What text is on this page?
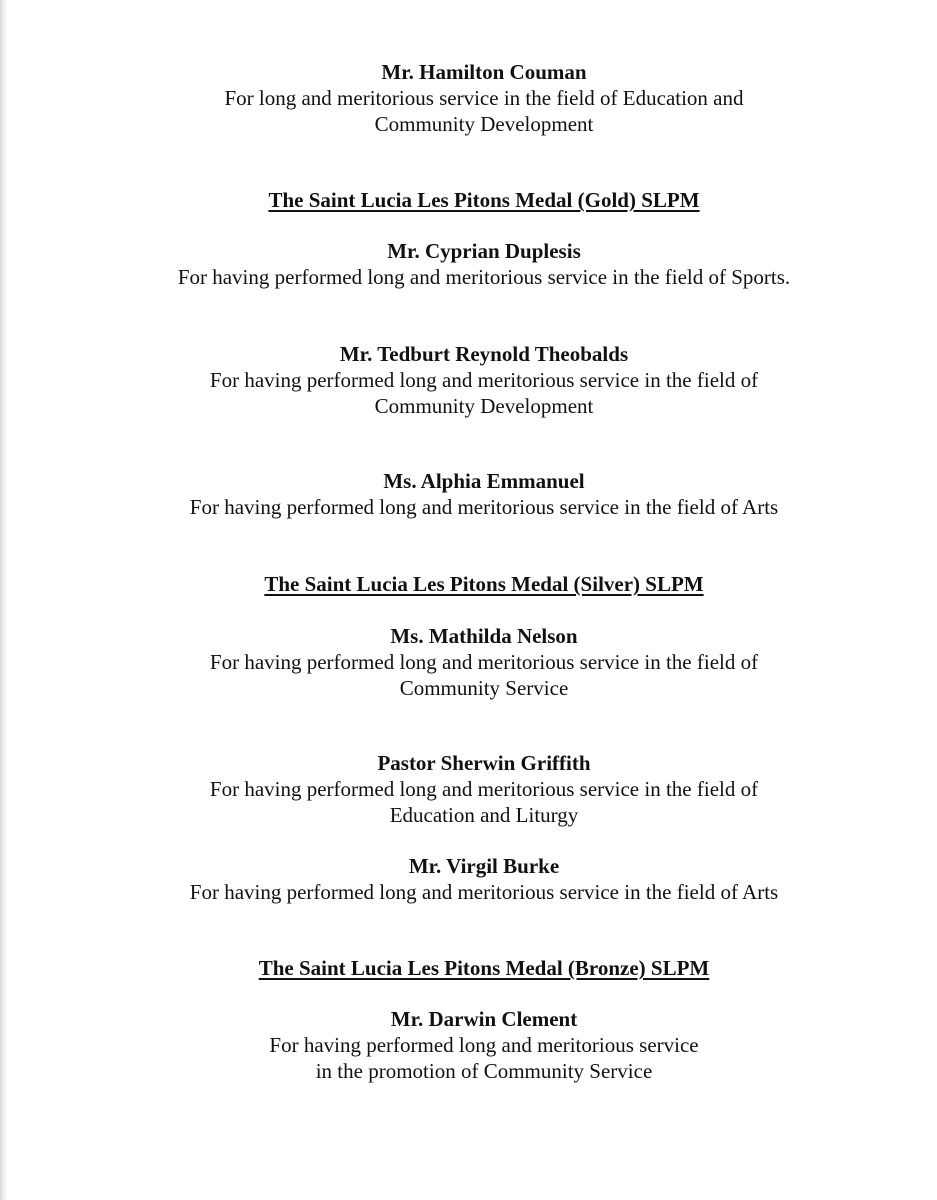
Mr. Hamilton Couman

For long and meritorious service in the field of Education and
Community Development

The Saint Lucia Les Pitons Medal (Gold) SLPM

Mr. Cyprian Duplesis

For having performed long and meritorious service in the field of Sports.

Mr. Tedburt Reynold Theobalds

For having performed long and meritorious service in the field of
Community Development

Ms. Alphia Emmanuel

For having performed long and meritorious service in the field of Arts

The Saint Lucia Les Pitons Medal (Silver) SLPM

Ms. Mathilda Nelson

For having performed long and meritorious service in the field of
Community Service

Pastor Sherwin Griffith

For having performed long and meritorious service in the field of
Education and Liturgy

Mr. Virgil Burke

For having performed long and meritorious service in the field of Arts

The Saint Lucia Les Pitons Medal (Bronze) SLPM

Mr. Darwin Clement

For having performed long and meritorious service
in the promotion of Community Service
